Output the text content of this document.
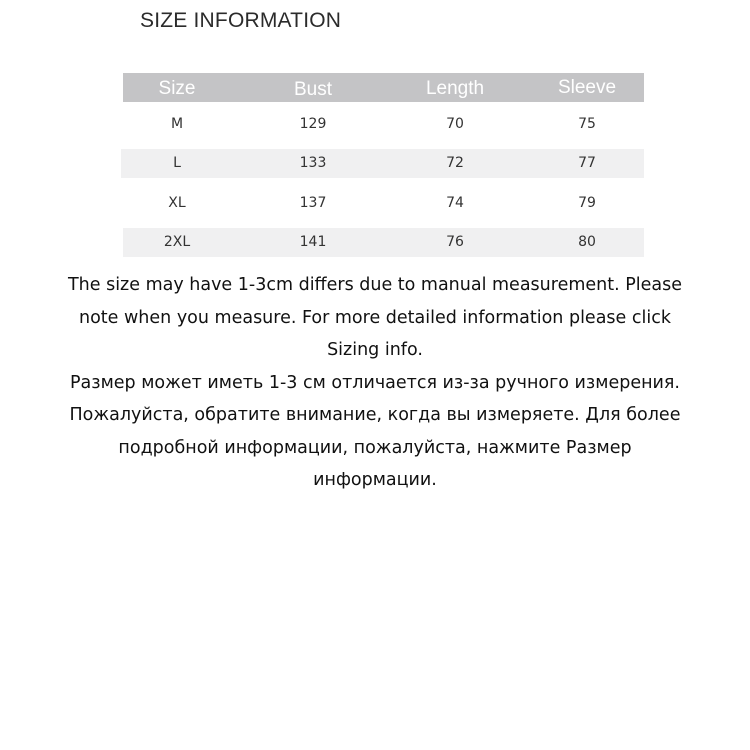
SIZE INFORMATION
Size	Bust	Length	Sleeve
M	129	70	75
L	133	72	77
XL	137	74	79
2XL	141	76	80
The size may have 1-3cm differs due to manual measurement. Please
note when you measure. For more detailed information please click
Sizing info.
Размер может иметь 1-3 см отличается из-за ручного измерения.
Пожалуйста, обратите внимание, когда вы измеряете. Для более
подробной информации, пожалуйста, нажмите Размер
информации.
